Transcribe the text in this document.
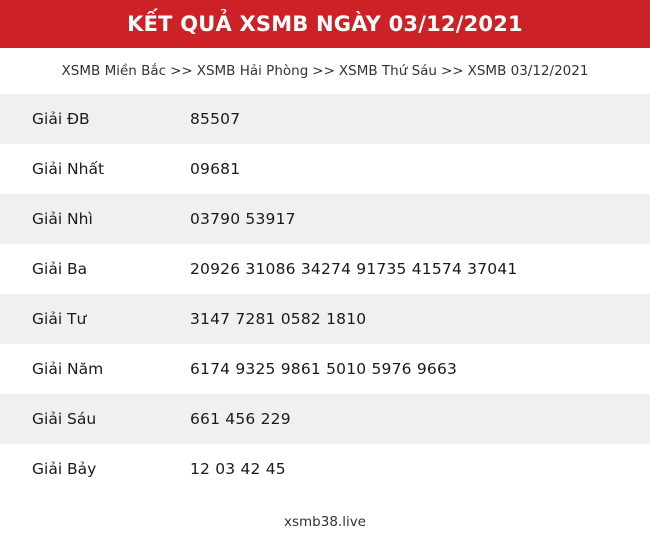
KẾT QUẢ XSMB NGÀY 03/12/2021
XSMB Miền Bắc >> XSMB Hải Phòng >> XSMB Thứ Sáu >> XSMB 03/12/2021
Giải ĐB	85507
Giải Nhất	09681
Giải Nhì	03790 53917
Giải Ba	20926 31086 34274 91735 41574 37041
Giải Tư	3147 7281 0582 1810
Giải Năm	6174 9325 9861 5010 5976 9663
Giải Sáu	661 456 229
Giải Bảy	12 03 42 45
xsmb38.live
